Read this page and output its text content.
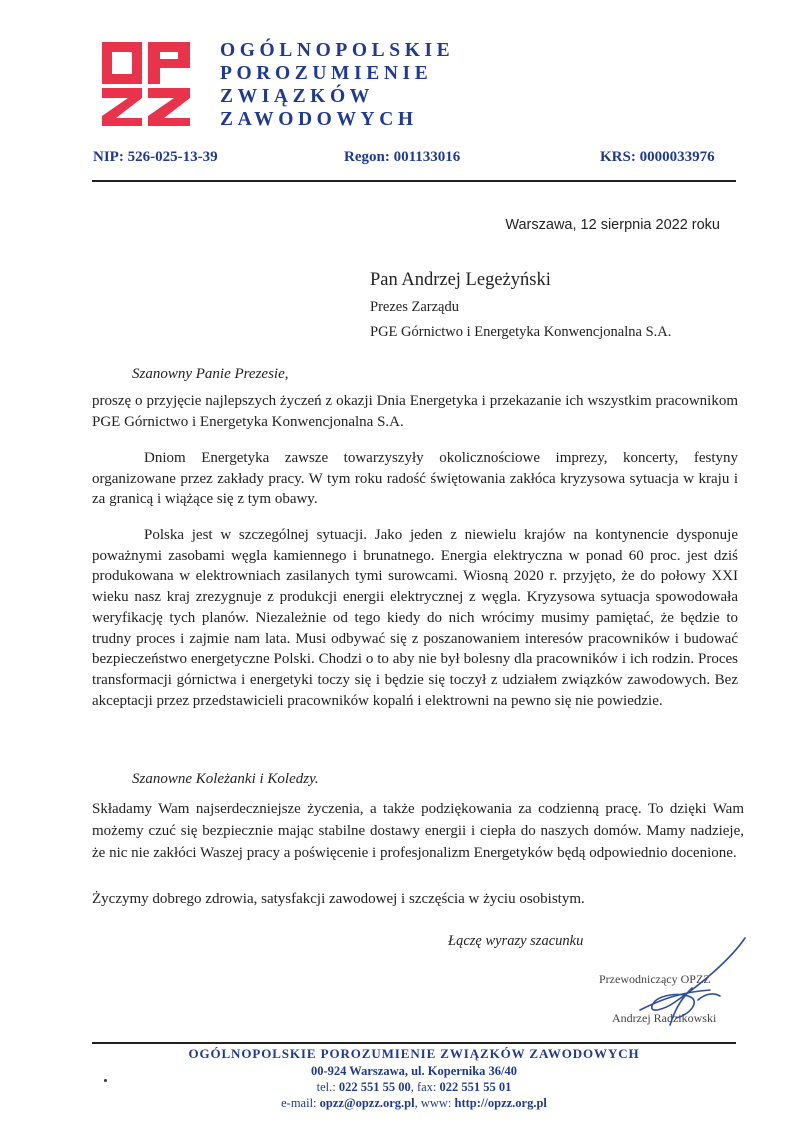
OGÓLNOPOLSKIE
POROZUMIENIE
ZWIĄZKÓW
ZAWODOWYCH
NIP: 526-025-13-39	Regon: 001133016	KRS: 0000033976
Warszawa, 12 sierpnia 2022 roku
Pan Andrzej Legeżyński
Prezes Zarządu
PGE Górnictwo i Energetyka Konwencjonalna S.A.
Szanowny Panie Prezesie,

proszę o przyjęcie najlepszych życzeń z okazji Dnia Energetyka i przekazanie ich wszystkim pracownikom PGE Górnictwo i Energetyka Konwencjonalna S.A.

Dniom Energetyka zawsze towarzyszyły okolicznościowe imprezy, koncerty, festyny organizowane przez zakłady pracy. W tym roku radość świętowania zakłóca kryzysowa sytuacja w kraju i za granicą i wiążące się z tym obawy.

Polska jest w szczególnej sytuacji. Jako jeden z niewielu krajów na kontynencie dysponuje poważnymi zasobami węgla kamiennego i brunatnego. Energia elektryczna w ponad 60 proc. jest dziś produkowana w elektrowniach zasilanych tymi surowcami. Wiosną 2020 r. przyjęto, że do połowy XXI wieku nasz kraj zrezygnuje z produkcji energii elektrycznej z węgla. Kryzysowa sytuacja spowodowała weryfikację tych planów. Niezależnie od tego kiedy do nich wrócimy musimy pamiętać, że będzie to trudny proces i zajmie nam lata. Musi odbywać się z poszanowaniem interesów pracowników i budować bezpieczeństwo energetyczne Polski. Chodzi o to aby nie był bolesny dla pracowników i ich rodzin. Proces transformacji górnictwa i energetyki toczy się i będzie się toczył z udziałem związków zawodowych. Bez akceptacji przez przedstawicieli pracowników kopalń i elektrowni na pewno się nie powiedzie.

Szanowne Koleżanki i Koledzy.

Składamy Wam najserdeczniejsze życzenia, a także podziękowania za codzienną pracę. To dzięki Wam możemy czuć się bezpiecznie mając stabilne dostawy energii i ciepła do naszych domów. Mamy nadzieje, że nic nie zakłóci Waszej pracy a poświęcenie i profesjonalizm Energetyków będą odpowiednio docenione.

Życzymy dobrego zdrowia, satysfakcji zawodowej i szczęścia w życiu osobistym.

Łączę wyrazy szacunku
Przewodniczący OPZZ
Andrzej Radzikowski
OGÓLNOPOLSKIE POROZUMIENIE ZWIĄZKÓW ZAWODOWYCH
00-924 Warszawa, ul. Kopernika 36/40
tel.: 022 551 55 00, fax: 022 551 55 01
e-mail: opzz@opzz.org.pl, www: http://opzz.org.pl
